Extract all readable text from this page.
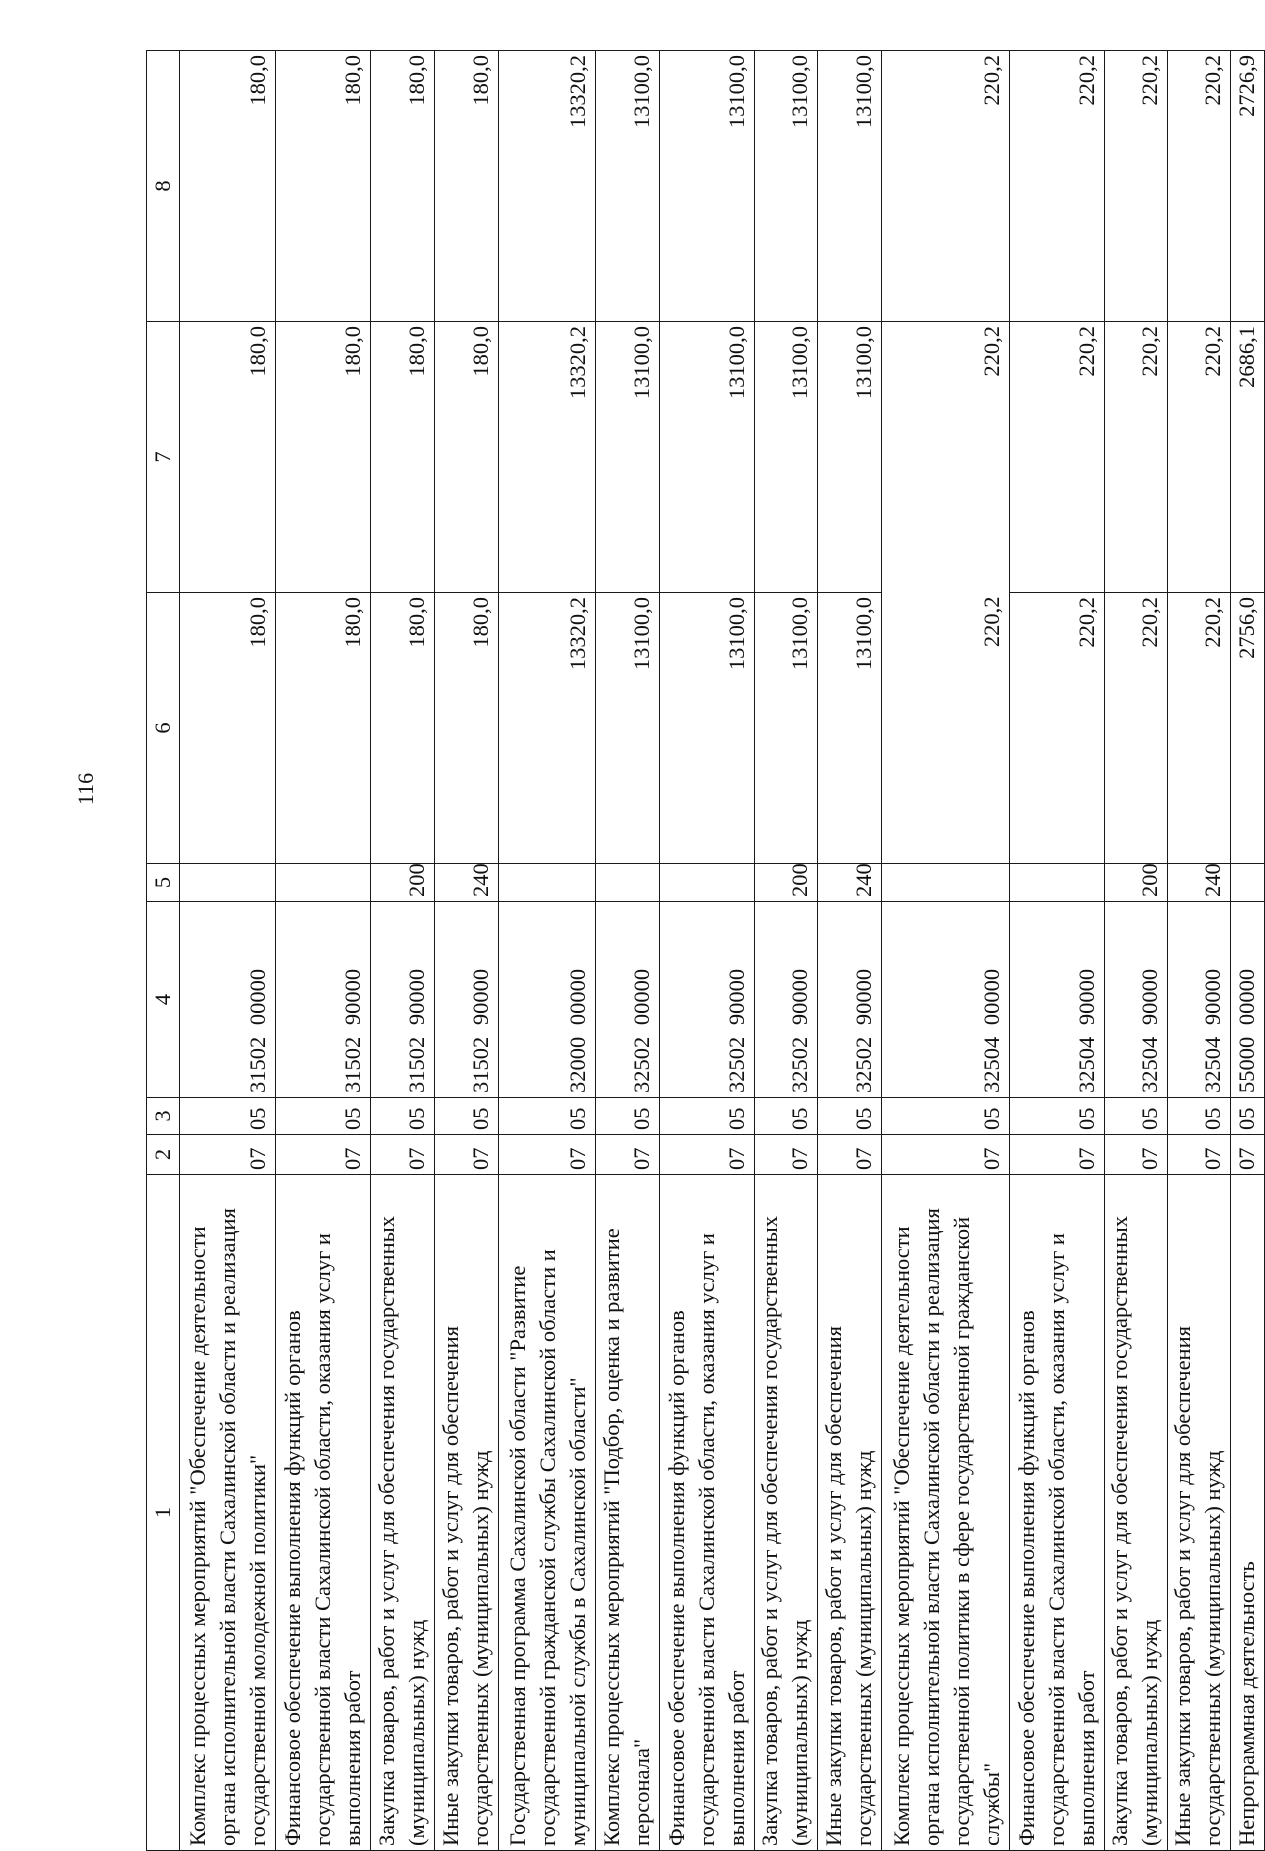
116
1	2	3	4	5	6	7	8
Комплекс процессных мероприятий "Обеспечение деятельности органа исполнительной власти Сахалинской области и реализация государственной молодежной политики"	07	05	31502 00000		180,0	180,0	180,0
Финансовое обеспечение выполнения функций органов государственной власти Сахалинской области, оказания услуг и выполнения работ	07	05	31502 90000		180,0	180,0	180,0
Закупка товаров, работ и услуг для обеспечения государственных (муниципальных) нужд	07	05	31502 90000	200	180,0	180,0	180,0
Иные закупки товаров, работ и услуг для обеспечения государственных (муниципальных) нужд	07	05	31502 90000	240	180,0	180,0	180,0
Государственная программа Сахалинской области "Развитие государственной гражданской службы Сахалинской области и муниципальной службы в Сахалинской области"	07	05	32000 00000		13320,2	13320,2	13320,2
Комплекс процессных мероприятий "Подбор, оценка и развитие персонала"	07	05	32502 00000		13100,0	13100,0	13100,0
Финансовое обеспечение выполнения функций органов государственной власти Сахалинской области, оказания услуг и выполнения работ	07	05	32502 90000		13100,0	13100,0	13100,0
Закупка товаров, работ и услуг для обеспечения государственных (муниципальных) нужд	07	05	32502 90000	200	13100,0	13100,0	13100,0
Иные закупки товаров, работ и услуг для обеспечения государственных (муниципальных) нужд	07	05	32502 90000	240	13100,0	13100,0	13100,0
Комплекс процессных мероприятий "Обеспечение деятельности органа исполнительной власти Сахалинской области и реализация государственной политики в сфере государственной гражданской службы"	07	05	32504 00000		220,2	220,2	220,2
Финансовое обеспечение выполнения функций органов государственной власти Сахалинской области, оказания услуг и выполнения работ	07	05	32504 90000		220,2	220,2	220,2
Закупка товаров, работ и услуг для обеспечения государственных (муниципальных) нужд	07	05	32504 90000	200	220,2	220,2	220,2
Иные закупки товаров, работ и услуг для обеспечения государственных (муниципальных) нужд	07	05	32504 90000	240	220,2	220,2	220,2
Непрограммная деятельность	07	05	55000 00000		2756,0	2686,1	2726,9
